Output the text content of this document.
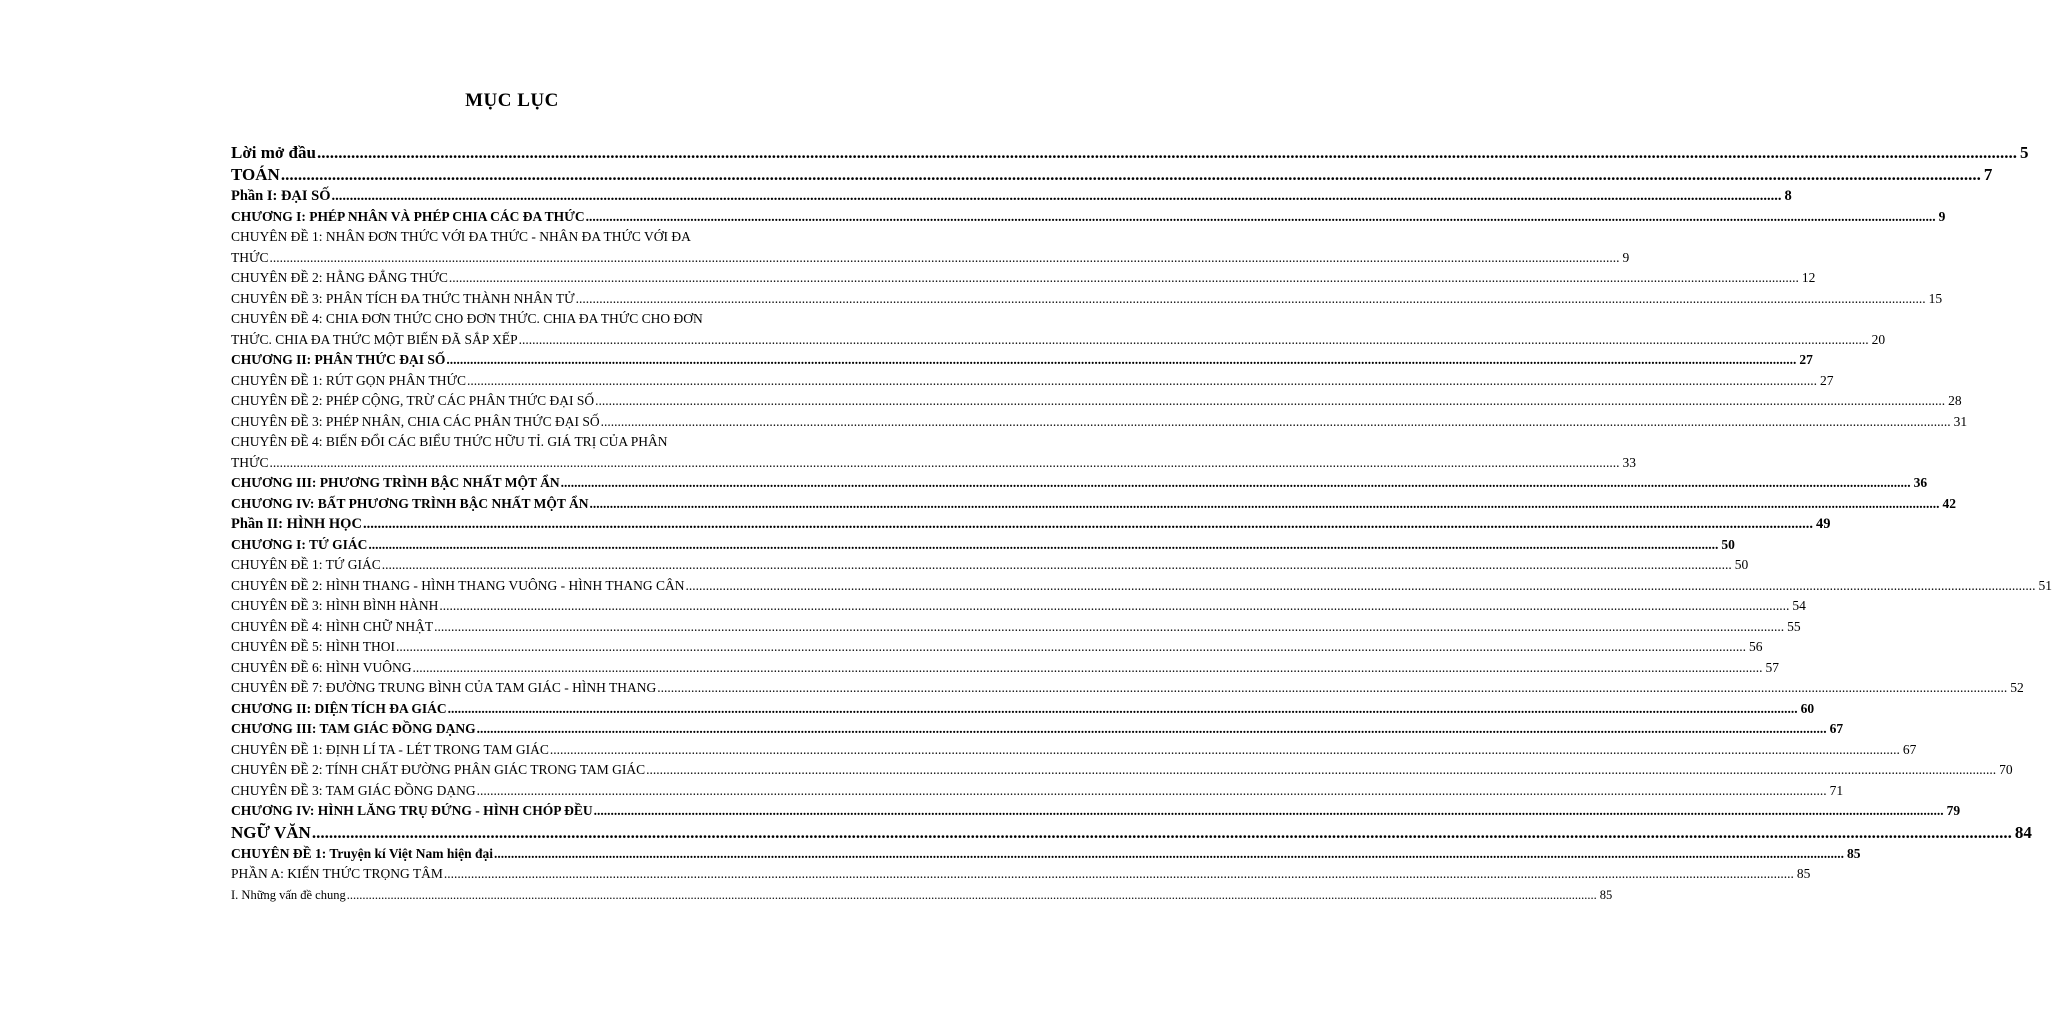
MỤC LỤC
Lời mở đầu ................................................................................................................................................................................................................................................................................................................................................................................................................ 5
TOÁN ................................................................................................................................................................................................................................................................................................................................................................................................................ 7
Phần I: ĐẠI SỐ ................................................................................................................................................................................................................................................................................................................................................................................................................ 8
CHƯƠNG I: PHÉP NHÂN VÀ PHÉP CHIA CÁC ĐA THỨC ................................................................................................................................................................................................................................................................................................................................................................................................................ 9
CHUYÊN ĐỀ 1: NHÂN ĐƠN THỨC VỚI ĐA THỨC - NHÂN ĐA THỨC VỚI ĐA
THỨC ................................................................................................................................................................................................................................................................................................................................................................................................................ 9
CHUYÊN ĐỀ 2: HẰNG ĐẲNG THỨC ................................................................................................................................................................................................................................................................................................................................................................................................................ 12
CHUYÊN ĐỀ 3: PHÂN TÍCH ĐA THỨC THÀNH NHÂN TỬ ................................................................................................................................................................................................................................................................................................................................................................................................................ 15
CHUYÊN ĐỀ 4: CHIA ĐƠN THỨC CHO ĐƠN THỨC. CHIA ĐA THỨC CHO ĐƠN
THỨC. CHIA ĐA THỨC MỘT BIẾN ĐÃ SẮP XẾP ................................................................................................................................................................................................................................................................................................................................................................................................................ 20
CHƯƠNG II: PHÂN THỨC ĐẠI SỐ ................................................................................................................................................................................................................................................................................................................................................................................................................ 27
CHUYÊN ĐỀ 1: RÚT GỌN PHÂN THỨC ................................................................................................................................................................................................................................................................................................................................................................................................................ 27
CHUYÊN ĐỀ 2: PHÉP CỘNG, TRỪ CÁC PHÂN THỨC ĐẠI SỐ ................................................................................................................................................................................................................................................................................................................................................................................................................ 28
CHUYÊN ĐỀ 3: PHÉP NHÂN, CHIA CÁC PHÂN THỨC ĐẠI SỐ ................................................................................................................................................................................................................................................................................................................................................................................................................ 31
CHUYÊN ĐỀ 4: BIẾN ĐỔI CÁC BIỂU THỨC HỮU TỈ. GIÁ TRỊ CỦA PHÂN
THỨC ................................................................................................................................................................................................................................................................................................................................................................................................................ 33
CHƯƠNG III: PHƯƠNG TRÌNH BẬC NHẤT MỘT ẨN ................................................................................................................................................................................................................................................................................................................................................................................................................ 36
CHƯƠNG IV: BẤT PHƯƠNG TRÌNH BẬC NHẤT MỘT ẨN ................................................................................................................................................................................................................................................................................................................................................................................................................ 42
Phần II: HÌNH HỌC ................................................................................................................................................................................................................................................................................................................................................................................................................ 49
CHƯƠNG I: TỨ GIÁC ................................................................................................................................................................................................................................................................................................................................................................................................................ 50
CHUYÊN ĐỀ 1: TỨ GIÁC ................................................................................................................................................................................................................................................................................................................................................................................................................ 50
CHUYÊN ĐỀ 2: HÌNH THANG - HÌNH THANG VUÔNG - HÌNH THANG CÂN ................................................................................................................................................................................................................................................................................................................................................................................................................ 51
CHUYÊN ĐỀ 3: HÌNH BÌNH HÀNH ................................................................................................................................................................................................................................................................................................................................................................................................................ 54
CHUYÊN ĐỀ 4: HÌNH CHỮ NHẬT ................................................................................................................................................................................................................................................................................................................................................................................................................ 55
CHUYÊN ĐỀ 5: HÌNH THOI ................................................................................................................................................................................................................................................................................................................................................................................................................ 56
CHUYÊN ĐỀ 6: HÌNH VUÔNG ................................................................................................................................................................................................................................................................................................................................................................................................................ 57
CHUYÊN ĐỀ 7: ĐƯỜNG TRUNG BÌNH CỦA TAM GIÁC - HÌNH THANG ................................................................................................................................................................................................................................................................................................................................................................................................................ 52
CHƯƠNG II: DIỆN TÍCH ĐA GIÁC ................................................................................................................................................................................................................................................................................................................................................................................................................ 60
CHƯƠNG III: TAM GIÁC ĐỒNG DẠNG ................................................................................................................................................................................................................................................................................................................................................................................................................ 67
CHUYÊN ĐỀ 1: ĐỊNH LÍ TA - LÉT TRONG TAM GIÁC ................................................................................................................................................................................................................................................................................................................................................................................................................ 67
CHUYÊN ĐỀ 2: TÍNH CHẤT ĐƯỜNG PHÂN GIÁC TRONG TAM GIÁC ................................................................................................................................................................................................................................................................................................................................................................................................................ 70
CHUYÊN ĐỀ 3: TAM GIÁC ĐỒNG DẠNG ................................................................................................................................................................................................................................................................................................................................................................................................................ 71
CHƯƠNG IV: HÌNH LĂNG TRỤ ĐỨNG - HÌNH CHÓP ĐỀU ................................................................................................................................................................................................................................................................................................................................................................................................................ 79
NGỮ VĂN ................................................................................................................................................................................................................................................................................................................................................................................................................ 84
CHUYÊN ĐỀ 1: Truyện kí Việt Nam hiện đại ................................................................................................................................................................................................................................................................................................................................................................................................................ 85
PHẦN A: KIẾN THỨC TRỌNG TÂM ................................................................................................................................................................................................................................................................................................................................................................................................................ 85
I. Những vấn đề chung ................................................................................................................................................................................................................................................................................................................................................................................................................ 85
